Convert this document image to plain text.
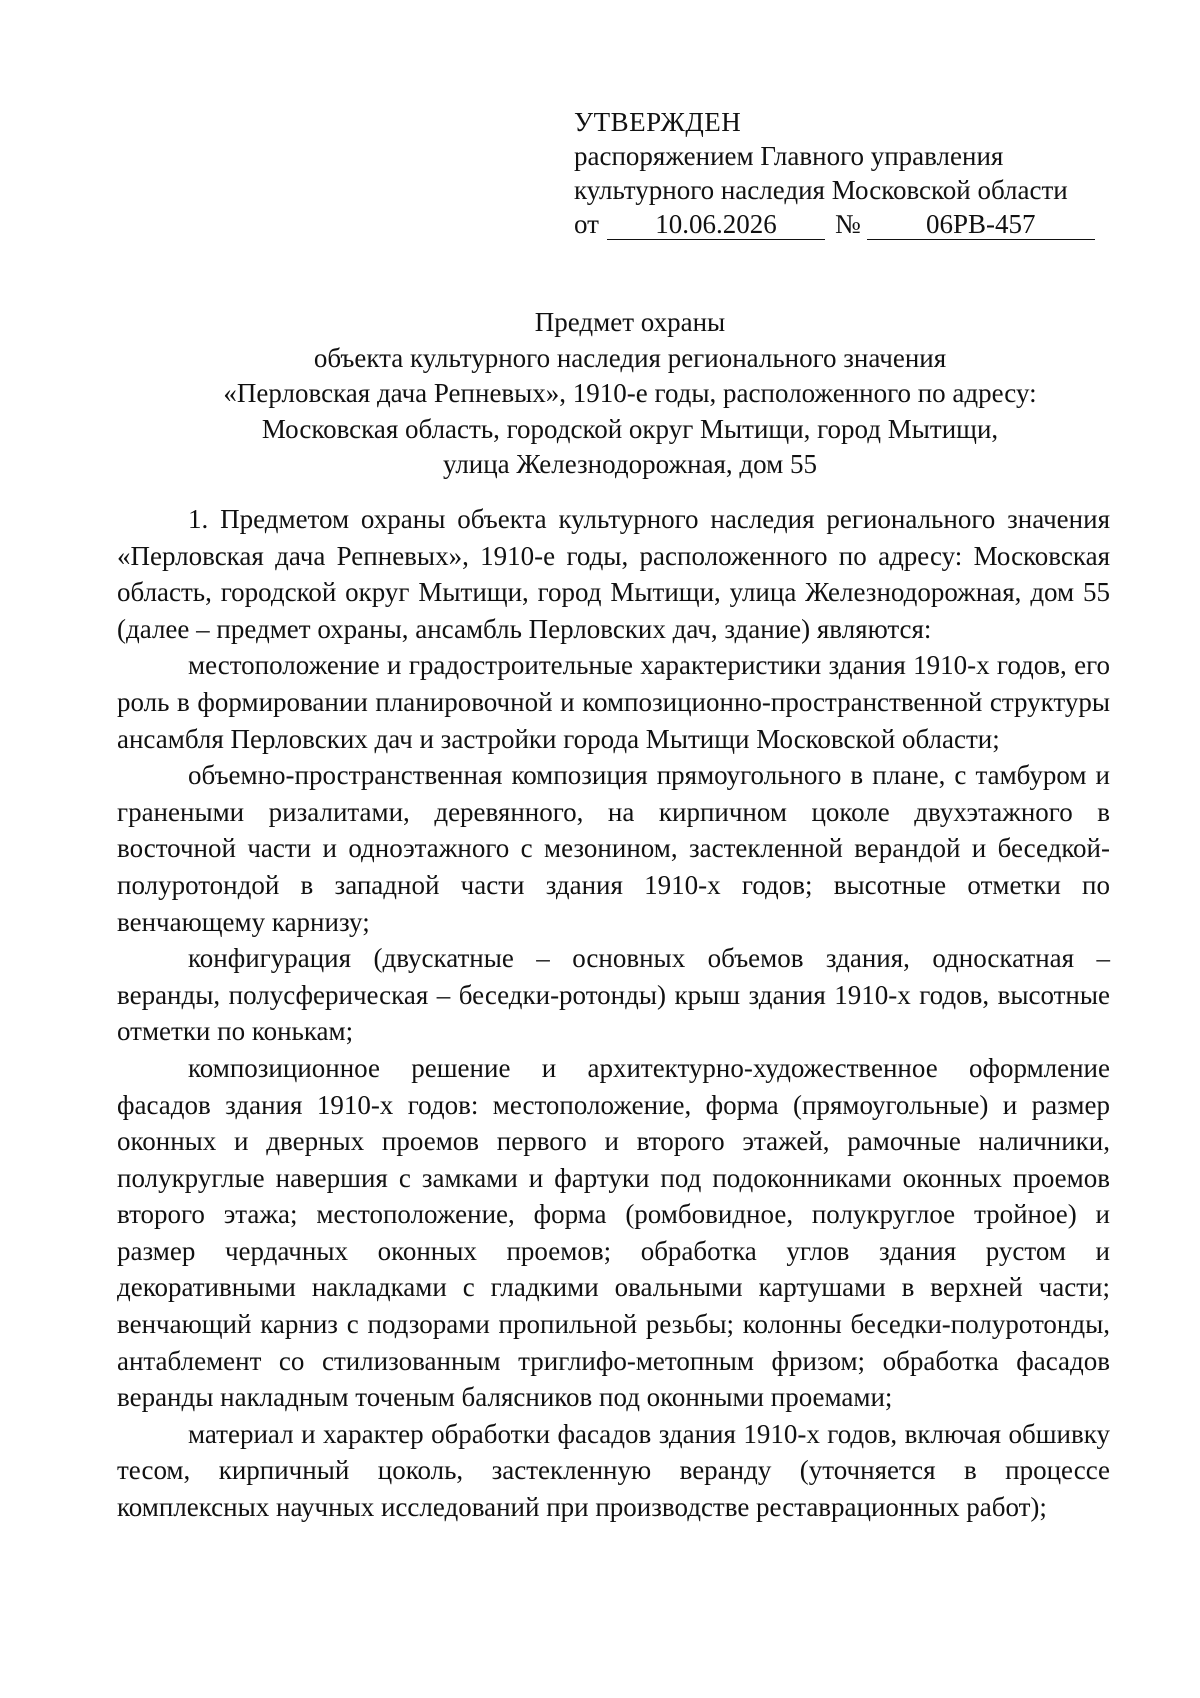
УТВЕРЖДЕН
распоряжением Главного управления
культурного наследия Московской области
от	10.06.2026	№	06РВ-457
Предмет охраны
объекта культурного наследия регионального значения
«Перловская дача Репневых», 1910-е годы, расположенного по адресу:
Московская область, городской округ Мытищи, город Мытищи,
улица Железнодорожная, дом 55

1. Предметом охраны объекта культурного наследия регионального значения «Перловская дача Репневых», 1910-е годы, расположенного по адресу: Московская область, городской округ Мытищи, город Мытищи, улица Железнодорожная, дом 55 (далее – предмет охраны, ансамбль Перловских дач, здание) являются:

местоположение и градостроительные характеристики здания 1910-х годов, его роль в формировании планировочной и композиционно-пространственной структуры ансамбля Перловских дач и застройки города Мытищи Московской области;

объемно-пространственная композиция прямоугольного в плане, с тамбуром и гранеными ризалитами, деревянного, на кирпичном цоколе двухэтажного в восточной части и одноэтажного с мезонином, застекленной верандой и беседкой-полуротондой в западной части здания 1910-х годов; высотные отметки по венчающему карнизу;

конфигурация (двускатные – основных объемов здания, односкатная – веранды, полусферическая – беседки-ротонды) крыш здания 1910-х годов, высотные отметки по конькам;

композиционное решение и архитектурно-художественное оформление фасадов здания 1910-х годов: местоположение, форма (прямоугольные) и размер оконных и дверных проемов первого и второго этажей, рамочные наличники, полукруглые навершия с замками и фартуки под подоконниками оконных проемов второго этажа; местоположение, форма (ромбовидное, полукруглое тройное) и размер чердачных оконных проемов; обработка углов здания рустом и декоративными накладками с гладкими овальными картушами в верхней части; венчающий карниз с подзорами пропильной резьбы; колонны беседки-полуротонды, антаблемент со стилизованным триглифо-метопным фризом; обработка фасадов веранды накладным точеным балясников под оконными проемами;

материал и характер обработки фасадов здания 1910-х годов, включая обшивку тесом, кирпичный цоколь, застекленную веранду (уточняется в процессе комплексных научных исследований при производстве реставрационных работ);
